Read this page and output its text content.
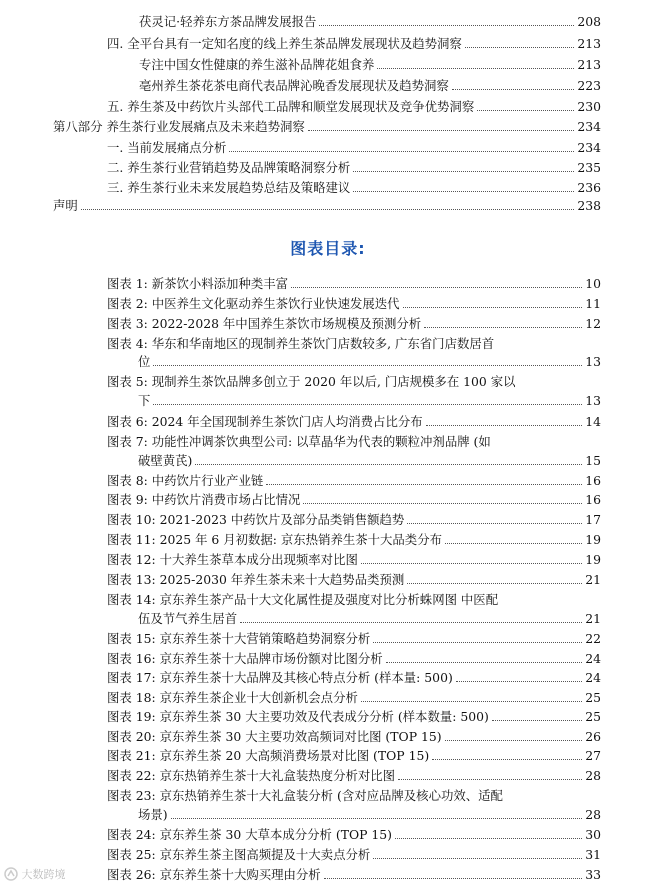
茯灵记·轻养东方茶品牌发展报告	208
四. 全平台具有一定知名度的线上养生茶品牌发展现状及趋势洞察	213
专注中国女性健康的养生滋补品牌花姐食养	213
亳州养生茶花茶电商代表品牌沁晚香发展现状及趋势洞察	223
五. 养生茶及中药饮片头部代工品牌和顺堂发展现状及竞争优势洞察	230
第八部分 养生茶行业发展痛点及未来趋势洞察	234
一. 当前发展痛点分析	234
二. 养生茶行业营销趋势及品牌策略洞察分析	235
三. 养生茶行业未来发展趋势总结及策略建议	236
声明	238
图表目录:
图表 1: 新茶饮小料添加种类丰富	10
图表 2: 中医养生文化驱动养生茶饮行业快速发展迭代	11
图表 3: 2022-2028 年中国养生茶饮市场规模及预测分析	12
图表 4: 华东和华南地区的现制养生茶饮门店数较多, 广东省门店数居首
位	13
图表 5: 现制养生茶饮品牌多创立于 2020 年以后, 门店规模多在 100 家以
下	13
图表 6: 2024 年全国现制养生茶饮门店人均消费占比分布	14
图表 7: 功能性冲调茶饮典型公司: 以草晶华为代表的颗粒冲剂品牌 (如
破壁黄芪)	15
图表 8: 中药饮片行业产业链	16
图表 9: 中药饮片消费市场占比情况	16
图表 10: 2021-2023 中药饮片及部分品类销售额趋势	17
图表 11: 2025 年 6 月初数据: 京东热销养生茶十大品类分布	19
图表 12: 十大养生茶草本成分出现频率对比图	19
图表 13: 2025-2030 年养生茶未来十大趋势品类预测	21
图表 14: 京东养生茶产品十大文化属性提及强度对比分析蛛网图 中医配
伍及节气养生居首	21
图表 15: 京东养生茶十大营销策略趋势洞察分析	22
图表 16: 京东养生茶十大品牌市场份额对比图分析	24
图表 17: 京东养生茶十大品牌及其核心特点分析 (样本量: 500)	24
图表 18: 京东养生茶企业十大创新机会点分析	25
图表 19: 京东养生茶 30 大主要功效及代表成分分析 (样本数量: 500)	25
图表 20: 京东养生茶 30 大主要功效高频词对比图 (TOP 15)	26
图表 21: 京东养生茶 20 大高频消费场景对比图 (TOP 15)	27
图表 22: 京东热销养生茶十大礼盒装热度分析对比图	28
图表 23: 京东热销养生茶十大礼盒装分析 (含对应品牌及核心功效、适配
场景)	28
图表 24: 京东养生茶 30 大草本成分分析 (TOP 15)	30
图表 25: 京东养生茶主图高频提及十大卖点分析	31
图表 26: 京东养生茶十大购买理由分析	33
大数跨境
